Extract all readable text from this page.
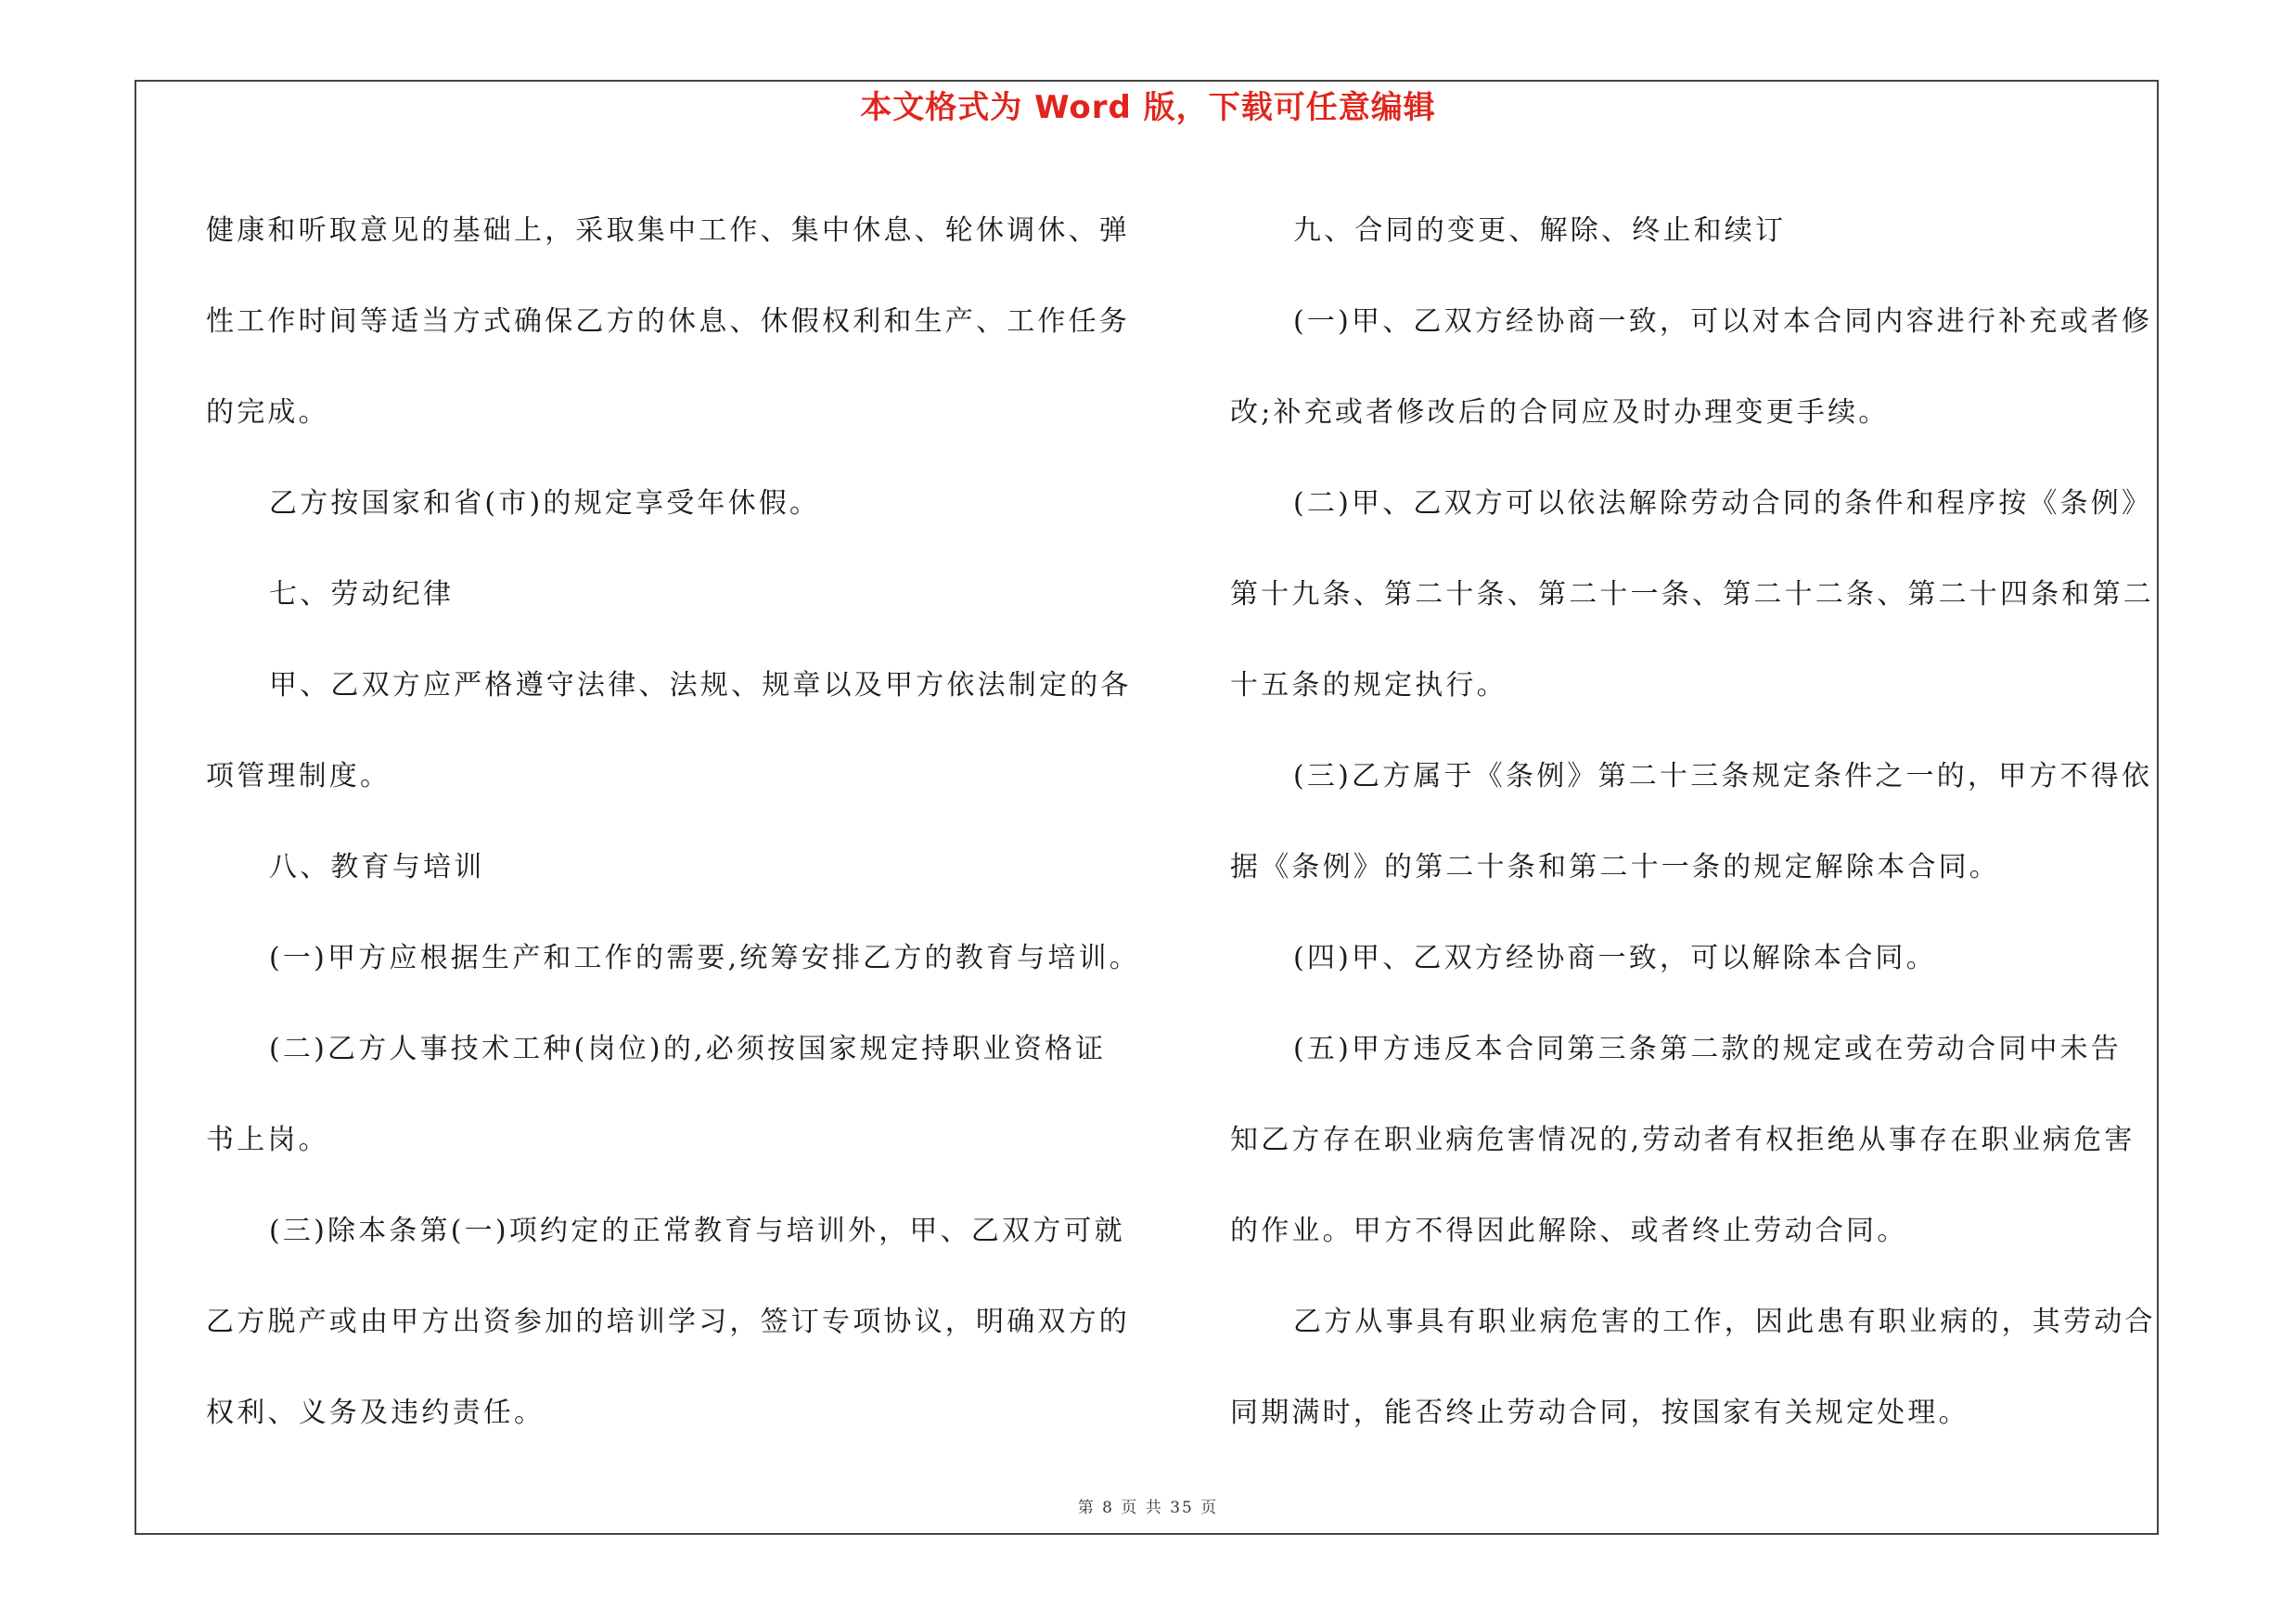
本文格式为 Word 版，下载可任意编辑
健康和听取意见的基础上，采取集中工作、集中休息、轮休调休、弹
性工作时间等适当方式确保乙方的休息、休假权利和生产、工作任务
的完成。
乙方按国家和省(市)的规定享受年休假。
七、劳动纪律
甲、乙双方应严格遵守法律、法规、规章以及甲方依法制定的各
项管理制度。
八、教育与培训
(一)甲方应根据生产和工作的需要,统筹安排乙方的教育与培训。
(二)乙方人事技术工种(岗位)的,必须按国家规定持职业资格证
书上岗。
(三)除本条第(一)项约定的正常教育与培训外，甲、乙双方可就
乙方脱产或由甲方出资参加的培训学习，签订专项协议，明确双方的
权利、义务及违约责任。
九、合同的变更、解除、终止和续订
(一)甲、乙双方经协商一致，可以对本合同内容进行补充或者修
改;补充或者修改后的合同应及时办理变更手续。
(二)甲、乙双方可以依法解除劳动合同的条件和程序按《条例》
第十九条、第二十条、第二十一条、第二十二条、第二十四条和第二
十五条的规定执行。
(三)乙方属于《条例》第二十三条规定条件之一的，甲方不得依
据《条例》的第二十条和第二十一条的规定解除本合同。
(四)甲、乙双方经协商一致，可以解除本合同。
(五)甲方违反本合同第三条第二款的规定或在劳动合同中未告
知乙方存在职业病危害情况的,劳动者有权拒绝从事存在职业病危害
的作业。甲方不得因此解除、或者终止劳动合同。
乙方从事具有职业病危害的工作，因此患有职业病的，其劳动合
同期满时，能否终止劳动合同，按国家有关规定处理。
第 8 页 共 35 页
